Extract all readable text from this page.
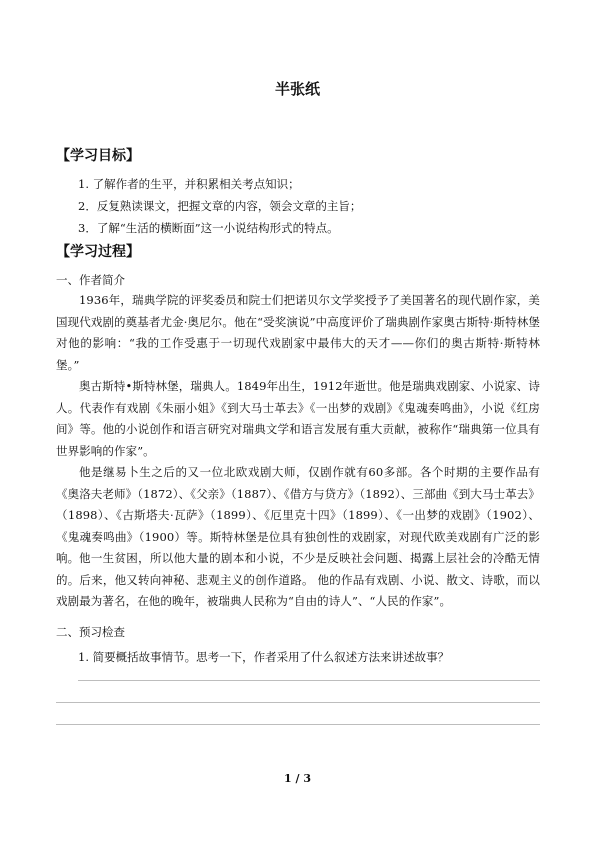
半张纸
【学习目标】
1. 了解作者的生平，并积累相关考点知识；
2．反复熟读课文，把握文章的内容，领会文章的主旨；
3．了解“生活的横断面”这一小说结构形式的特点。
【学习过程】
一、作者简介
1936年，瑞典学院的评奖委员和院士们把诺贝尔文学奖授予了美国著名的现代剧作家，美国现代戏剧的奠基者尤金·奥尼尔。他在“受奖演说”中高度评价了瑞典剧作家奥古斯特·斯特林堡对他的影响：“我的工作受惠于一切现代戏剧家中最伟大的天才——你们的奥古斯特·斯特林堡。”
奥古斯特•斯特林堡，瑞典人。1849年出生，1912年逝世。他是瑞典戏剧家、小说家、诗人。代表作有戏剧《朱丽小姐》《到大马士革去》《一出梦的戏剧》《鬼魂奏鸣曲》，小说《红房间》等。他的小说创作和语言研究对瑞典文学和语言发展有重大贡献，被称作“瑞典第一位具有世界影响的作家”。
他是继易卜生之后的又一位北欧戏剧大师，仅剧作就有60多部。各个时期的主要作品有《奥洛夫老师》（1872）、《父亲》（1887）、《借方与贷方》（1892）、三部曲《到大马士革去》（1898）、《古斯塔夫·瓦萨》（1899）、《厄里克十四》（1899）、《一出梦的戏剧》（1902）、《鬼魂奏鸣曲》（1900）等。斯特林堡是位具有独创性的戏剧家，对现代欧美戏剧有广泛的影响。 他一生贫困，所以他大量的剧本和小说，不少是反映社会问题、揭露上层社会的冷酷无情的。后来，他又转向神秘、悲观主义的创作道路。 他的作品有戏剧、小说、散文、诗歌，而以戏剧最为著名，在他的晚年，被瑞典人民称为“自由的诗人”、“人民的作家”。
二、预习检查
1. 简要概括故事情节。思考一下，作者采用了什么叙述方法来讲述故事？
1 / 3
